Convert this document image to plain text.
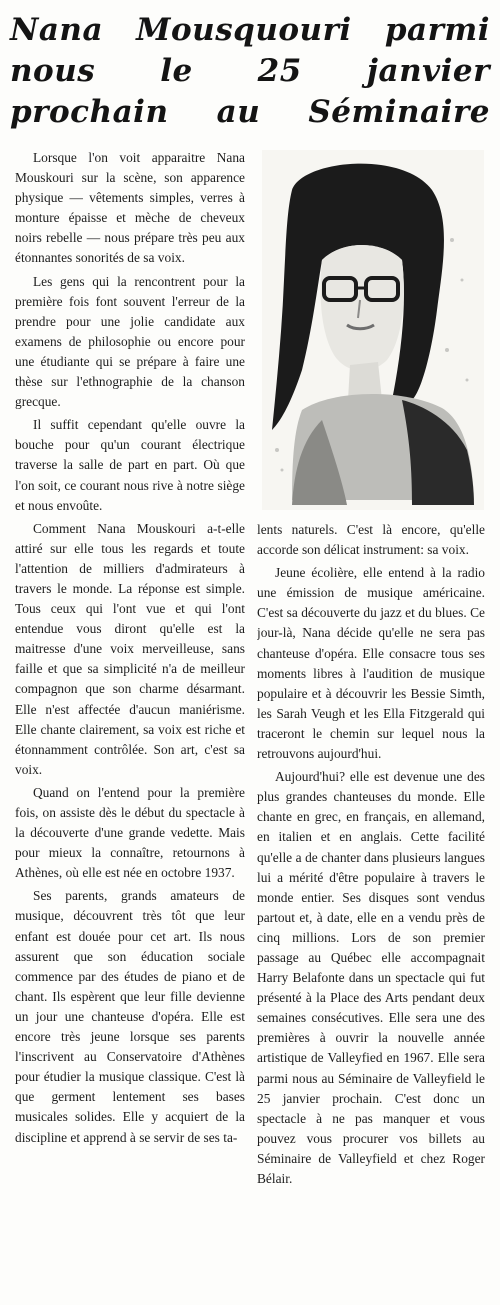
Nana Mousquouri parmi
nous le 25 janvier
prochain au Séminaire

Lorsque l'on voit apparaitre Nana Mouskouri sur la scène, son apparence physique — vêtements simples, verres à monture épaisse et mèche de cheveux noirs rebelle — nous prépare très peu aux étonnantes sonorités de sa voix.

Les gens qui la rencontrent pour la première fois font souvent l'erreur de la prendre pour une jolie candidate aux examens de philosophie ou encore pour une étudiante qui se prépare à faire une thèse sur l'ethnographie de la chanson grecque.

Il suffit cependant qu'elle ouvre la bouche pour qu'un courant électrique traverse la salle de part en part. Où que l'on soit, ce courant nous rive à notre siège et nous envoûte.

Comment Nana Mouskouri a-t-elle attiré sur elle tous les regards et toute l'attention de milliers d'admirateurs à travers le monde. La réponse est simple. Tous ceux qui l'ont vue et qui l'ont entendue vous diront qu'elle est la maitresse d'une voix merveilleuse, sans faille et que sa simplicité n'a de meilleur compagnon que son charme désarmant. Elle n'est affectée d'aucun maniérisme. Elle chante clairement, sa voix est riche et étonnamment contrôlée. Son art, c'est sa voix.

Quand on l'entend pour la première fois, on assiste dès le début du spectacle à la découverte d'une grande vedette. Mais pour mieux la connaître, retournons à Athènes, où elle est née en octobre 1937.

Ses parents, grands amateurs de musique, découvrent très tôt que leur enfant est douée pour cet art. Ils nous assurent que son éducation sociale commence par des études de piano et de chant. Ils espèrent que leur fille devienne un jour une chanteuse d'opéra. Elle est encore très jeune lorsque ses parents l'inscrivent au Conservatoire d'Athènes pour étudier la musique classique. C'est là que germent lentement ses bases musicales solides. Elle y acquiert de la discipline et apprend à se servir de ses ta-

lents naturels. C'est là encore, qu'elle accorde son délicat instrument: sa voix.

Jeune écolière, elle entend à la radio une émission de musique américaine. C'est sa découverte du jazz et du blues. Ce jour-là, Nana décide qu'elle ne sera pas chanteuse d'opéra. Elle consacre tous ses moments libres à l'audition de musique populaire et à découvrir les Bessie Simth, les Sarah Veugh et les Ella Fitzgerald qui traceront le chemin sur lequel nous la retrouvons aujourd'hui.

Aujourd'hui? elle est devenue une des plus grandes chanteuses du monde. Elle chante en grec, en français, en allemand, en italien et en anglais. Cette facilité qu'elle a de chanter dans plusieurs langues lui a mérité d'être populaire à travers le monde entier. Ses disques sont vendus partout et, à date, elle en a vendu près de cinq millions. Lors de son premier passage au Québec elle accompagnait Harry Belafonte dans un spectacle qui fut présenté à la Place des Arts pendant deux semaines consécutives. Elle sera une des premières à ouvrir la nouvelle année artistique de Valleyfied en 1967. Elle sera parmi nous au Séminaire de Valleyfield le 25 janvier prochain. C'est donc un spectacle à ne pas manquer et vous pouvez vous procurer vos billets au Séminaire de Valleyfield et chez Roger Bélair.
